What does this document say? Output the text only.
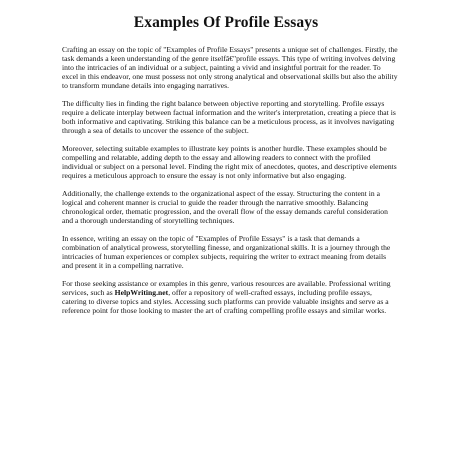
Examples Of Profile Essays

Crafting an essay on the topic of "Examples of Profile Essays" presents a unique set of challenges. Firstly, the task demands a keen understanding of the genre itselfâ€"profile essays. This type of writing involves delving into the intricacies of an individual or a subject, painting a vivid and insightful portrait for the reader. To excel in this endeavor, one must possess not only strong analytical and observational skills but also the ability to transform mundane details into engaging narratives.

The difficulty lies in finding the right balance between objective reporting and storytelling. Profile essays require a delicate interplay between factual information and the writer's interpretation, creating a piece that is both informative and captivating. Striking this balance can be a meticulous process, as it involves navigating through a sea of details to uncover the essence of the subject.

Moreover, selecting suitable examples to illustrate key points is another hurdle. These examples should be compelling and relatable, adding depth to the essay and allowing readers to connect with the profiled individual or subject on a personal level. Finding the right mix of anecdotes, quotes, and descriptive elements requires a meticulous approach to ensure the essay is not only informative but also engaging.

Additionally, the challenge extends to the organizational aspect of the essay. Structuring the content in a logical and coherent manner is crucial to guide the reader through the narrative smoothly. Balancing chronological order, thematic progression, and the overall flow of the essay demands careful consideration and a thorough understanding of storytelling techniques.

In essence, writing an essay on the topic of "Examples of Profile Essays" is a task that demands a combination of analytical prowess, storytelling finesse, and organizational skills. It is a journey through the intricacies of human experiences or complex subjects, requiring the writer to extract meaning from details and present it in a compelling narrative.

For those seeking assistance or examples in this genre, various resources are available. Professional writing services, such as HelpWriting.net, offer a repository of well-crafted essays, including profile essays, catering to diverse topics and styles. Accessing such platforms can provide valuable insights and serve as a reference point for those looking to master the art of crafting compelling profile essays and similar works.
